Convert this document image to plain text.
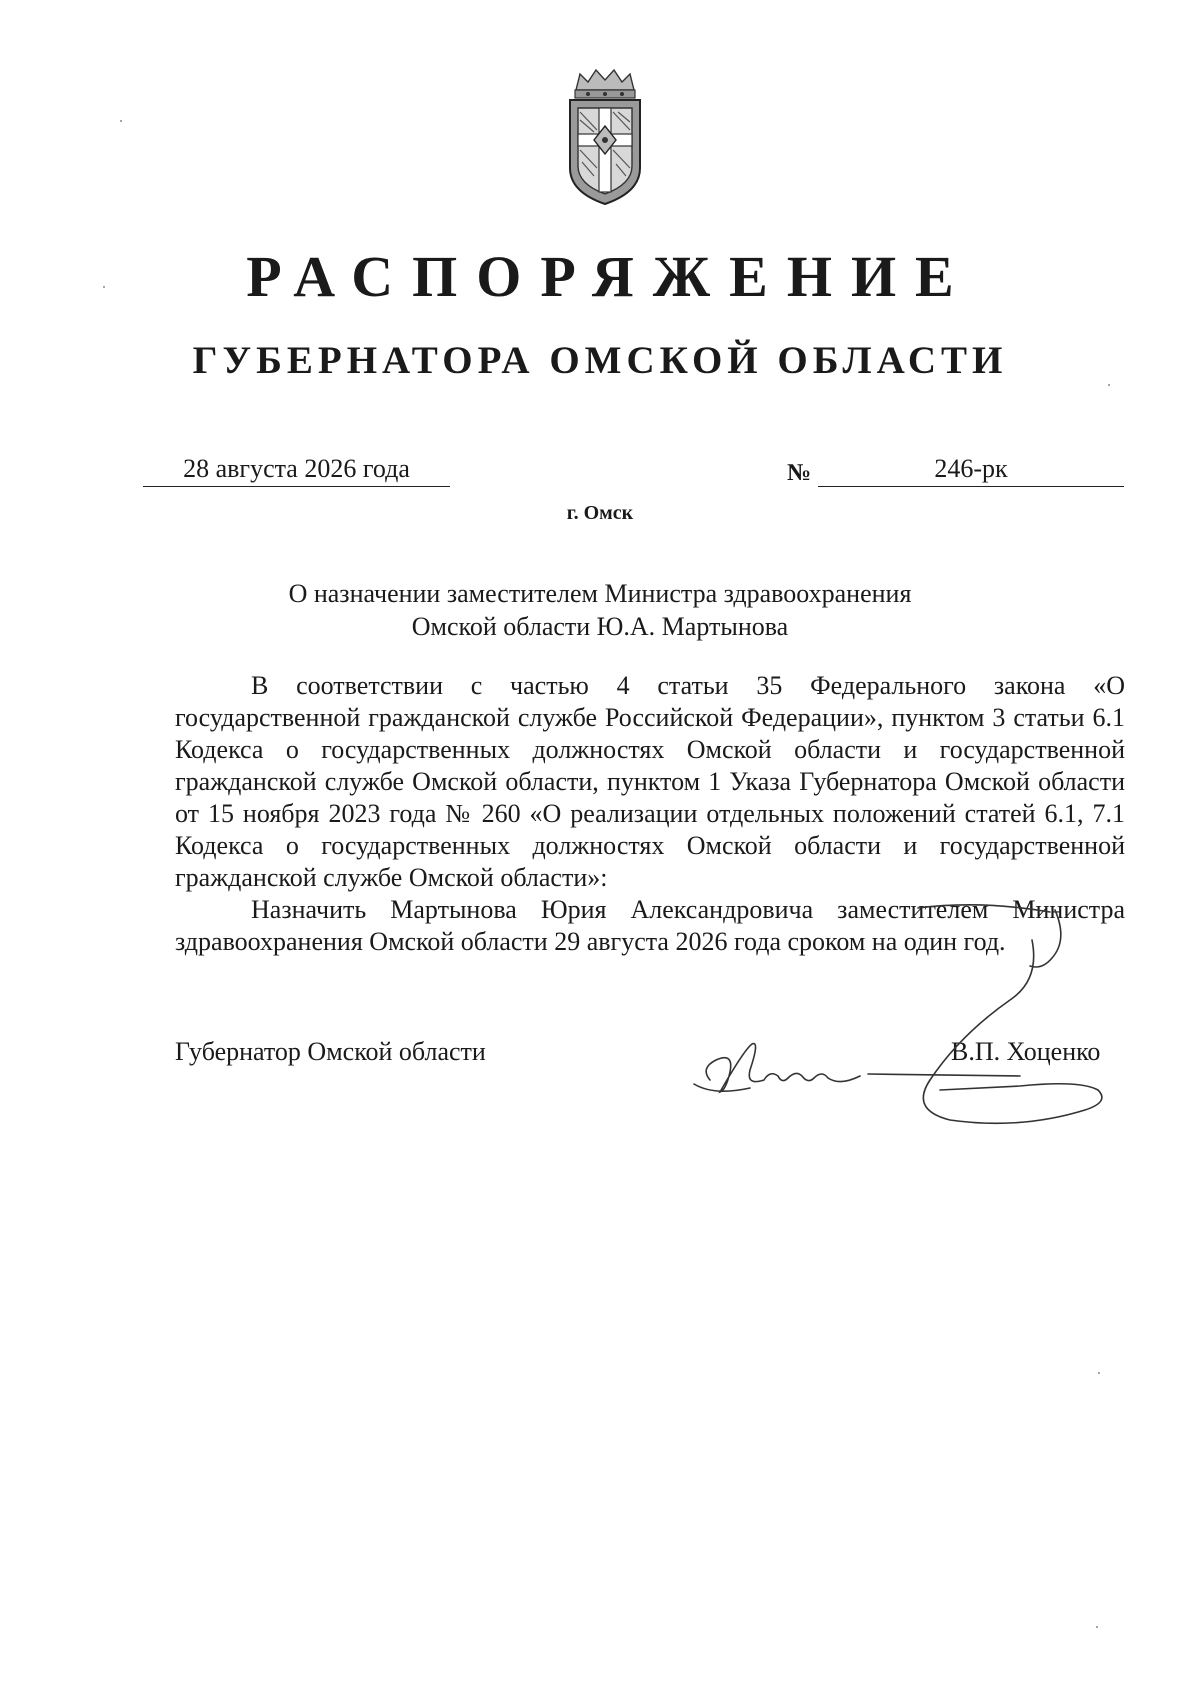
РАСПОРЯЖЕНИЕ
ГУБЕРНАТОРА ОМСКОЙ ОБЛАСТИ
28 августа 2026 года	№	246-рк
г. Омск
О назначении заместителем Министра здравоохранения
Омской области Ю.А. Мартынова

В соответствии с частью 4 статьи 35 Федерального закона «О государственной гражданской службе Российской Федерации», пунктом 3 статьи 6.1 Кодекса о государственных должностях Омской области и государственной гражданской службе Омской области, пунктом 1 Указа Губернатора Омской области от 15 ноября 2023 года № 260 «О реализации отдельных положений статей 6.1, 7.1 Кодекса о государственных должностях Омской области и государственной гражданской службе Омской области»:

Назначить Мартынова Юрия Александровича заместителем Министра здравоохранения Омской области 29 августа 2026 года сроком на один год.

Губернатор Омской области	В.П. Хоценко
